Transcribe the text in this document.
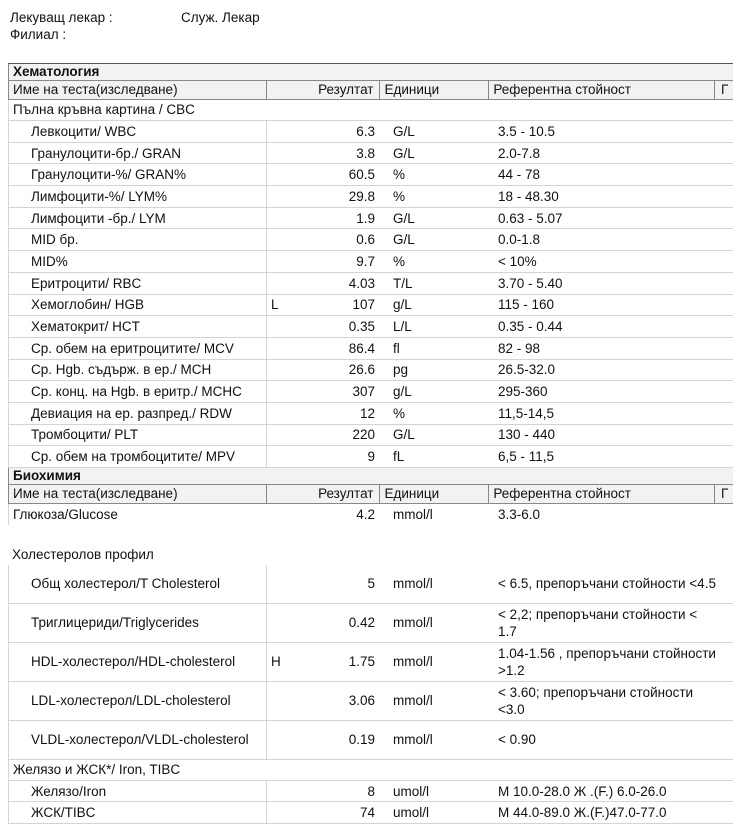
Лекуващ лекар :	Служ. Лекар
Филиал :
Хематология
Име на теста(изследване)	Резултат Единици	Референтна стойност	Г
Пълна кръвна картина / CBC
Левкоцити/ WBC	6.3	G/L	3.5 - 10.5
Гранулоцити-бр./ GRAN	3.8	G/L	2.0-7.8
Гранулоцити-%/ GRAN%	60.5	%	44 - 78
Лимфоцити-%/ LYM%	29.8	%	18 - 48.30
Лимфоцити -бр./ LYM	1.9	G/L	0.63 - 5.07
MID бр.	0.6	G/L	0.0-1.8
MID%	9.7	%	< 10%
Еритроцити/ RBC	4.03	T/L	3.70 - 5.40
Хемоглобин/ HGB	L	107	g/L	115 - 160
Хематокрит/ HCT	0.35	L/L	0.35 - 0.44
Ср. обем на еритроцитите/ MCV	86.4	fl	82 - 98
Ср. Hgb. съдърж. в ер./ MCH	26.6	pg	26.5-32.0
Ср. конц. на Hgb. в еритр./ MCHC	307	g/L	295-360
Девиация на ер. разпред./ RDW	12	%	11,5-14,5
Тромбоцити/ PLT	220	G/L	130 - 440
Ср. обем на тромбоцитите/ MPV	9	fL	6,5 - 11,5
Биохимия
Име на теста(изследване)	Резултат Единици	Референтна стойност	Г
Глюкоза/Glucose	4.2	mmol/l	3.3-6.0
Холестеролов профил
Общ холестерол/T Cholesterol	5	mmol/l	< 6.5, препоръчани стойности <4.5
Триглицериди/Triglycerides	0.42	mmol/l
< 2,2; препоръчани стойности < 1.7
HDL-холестерол/HDL-cholesterol	H	1.75	mmol/l
1.04-1.56 , препоръчани стойности >1.2
LDL-холестерол/LDL-cholesterol	3.06	mmol/l
< 3.60; препоръчани стойности <3.0
VLDL-холестерол/VLDL-cholesterol	0.19	mmol/l	< 0.90
Желязо и ЖСК*/ Iron, TIBC
Желязо/Iron	8	umol/l	М 10.0-28.0 Ж .(F.) 6.0-26.0
ЖСК/TIBC	74	umol/l	М 44.0-89.0 Ж.(F.)47.0-77.0
